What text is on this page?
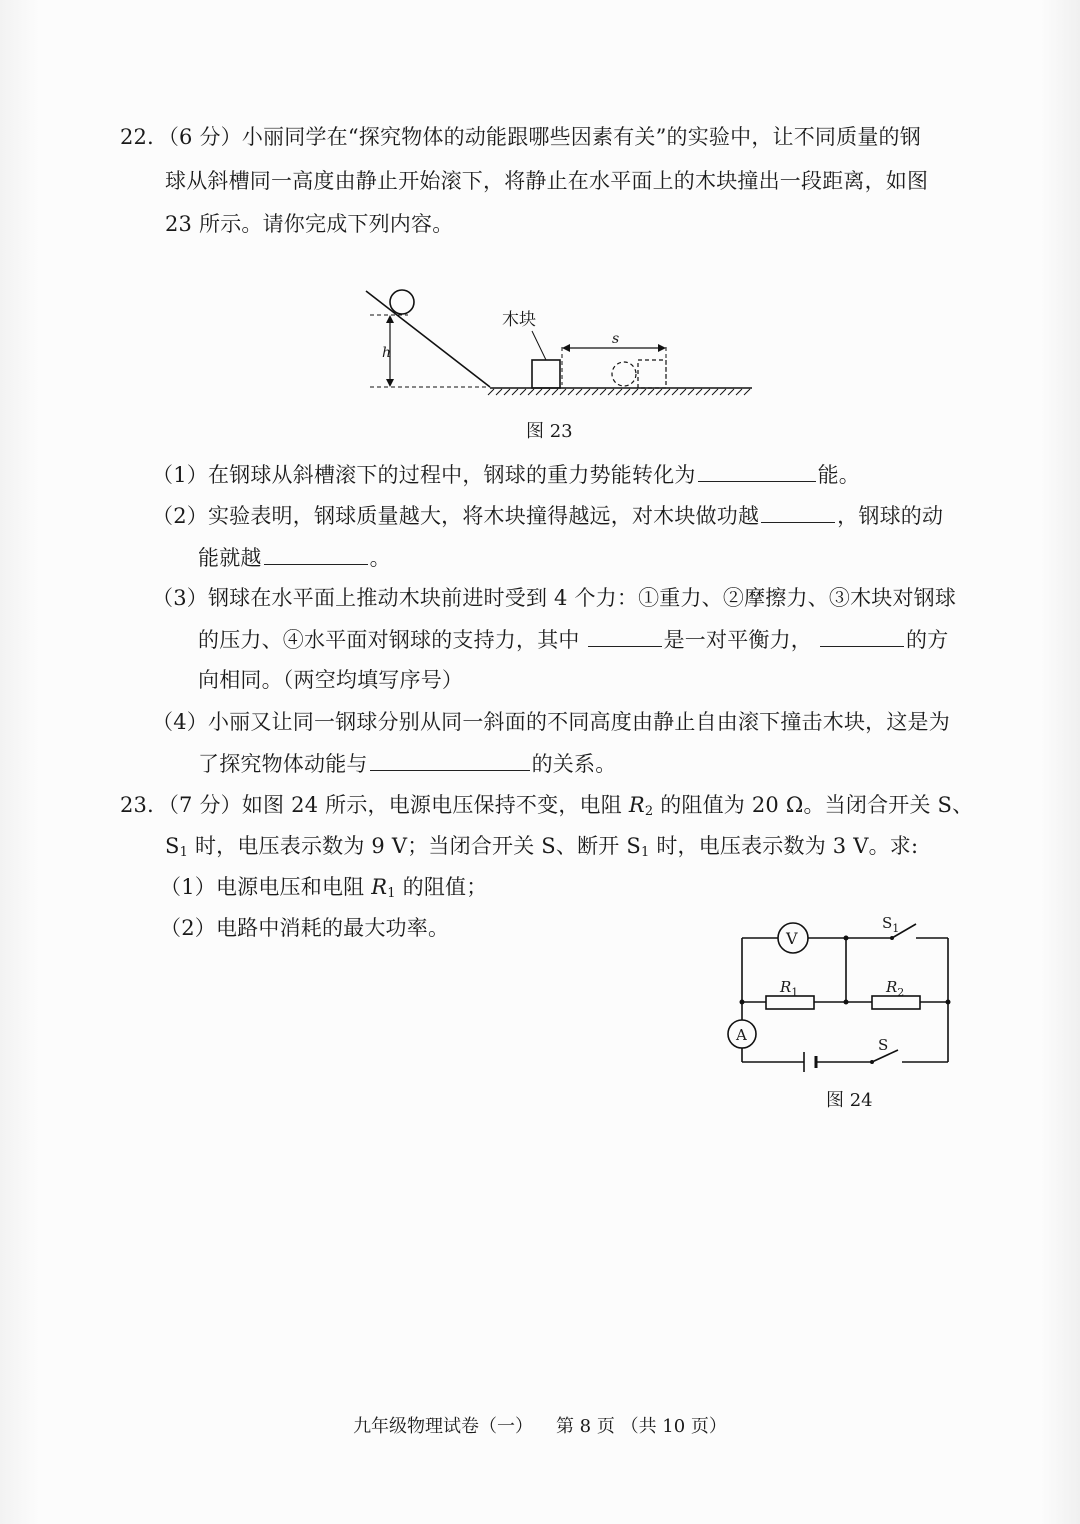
22．（6 分）小丽同学在“探究物体的动能跟哪些因素有关”的实验中，让不同质量的钢
球从斜槽同一高度由静止开始滚下，将静止在水平面上的木块撞出一段距离，如图
23 所示。请你完成下列内容。
h
木块
s
图 23
（1）在钢球从斜槽滚下的过程中，钢球的重力势能转化为	能。
（2）实验表明，钢球质量越大，将木块撞得越远，对木块做功越	，钢球的动
能就越	。
（3）钢球在水平面上推动木块前进时受到 4 个力：①重力、②摩擦力、③木块对钢球
的压力、④水平面对钢球的支持力，其中	是一对平衡力，	的方
向相同。（两空均填写序号）
（4）小丽又让同一钢球分别从同一斜面的不同高度由静止自由滚下撞击木块，这是为
了探究物体动能与	的关系。
23．（7 分）如图 24 所示，电源电压保持不变，电阻 $R_2$ 的阻值为 20 Ω。当闭合开关 S、
$S_1$ 时，电压表示数为 9 V；当闭合开关 S、断开 $S_1$ 时，电压表示数为 3 V。求:
（1）电源电压和电阻 $R_1$ 的阻值；
（2）电路中消耗的最大功率。	V
A
$S_1$
$R_1$	$R_2$
S
图 24
九年级物理试卷（一）    第 8 页 （共 10 页）
